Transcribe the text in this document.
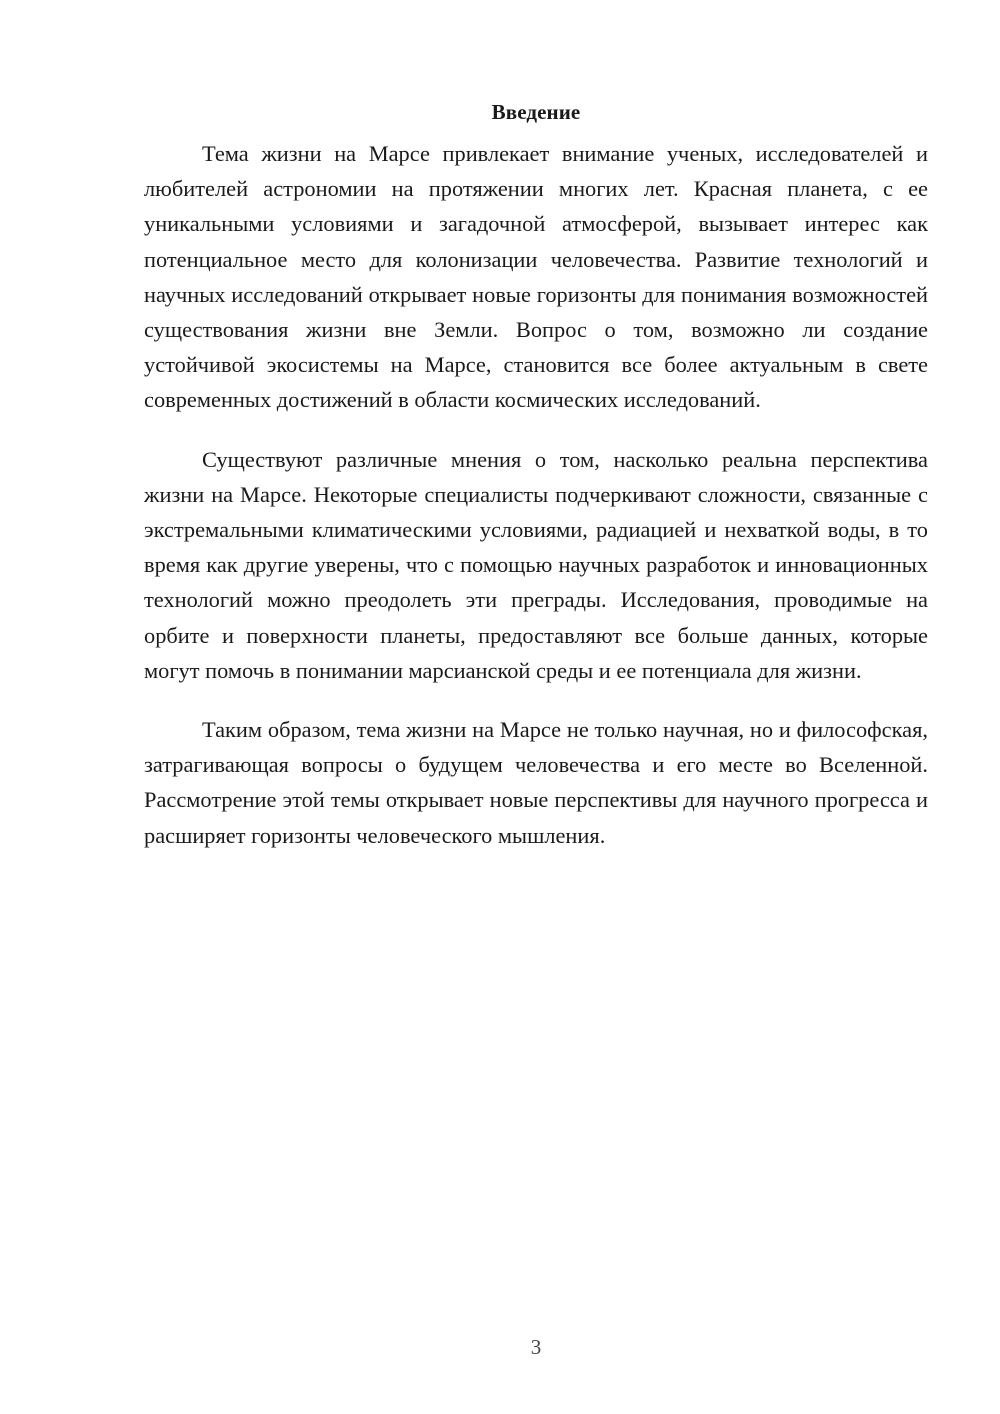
Введение

Тема жизни на Марсе привлекает внимание ученых, исследователей и любителей астрономии на протяжении многих лет. Красная планета, с ее уникальными условиями и загадочной атмосферой, вызывает интерес как потенциальное место для колонизации человечества. Развитие технологий и научных исследований открывает новые горизонты для понимания возможностей существования жизни вне Земли. Вопрос о том, возможно ли создание устойчивой экосистемы на Марсе, становится все более актуальным в свете современных достижений в области космических исследований.

Существуют различные мнения о том, насколько реальна перспектива жизни на Марсе. Некоторые специалисты подчеркивают сложности, связанные с экстремальными климатическими условиями, радиацией и нехваткой воды, в то время как другие уверены, что с помощью научных разработок и инновационных технологий можно преодолеть эти преграды. Исследования, проводимые на орбите и поверхности планеты, предоставляют все больше данных, которые могут помочь в понимании марсианской среды и ее потенциала для жизни.

Таким образом, тема жизни на Марсе не только научная, но и философская, затрагивающая вопросы о будущем человечества и его месте во Вселенной. Рассмотрение этой темы открывает новые перспективы для научного прогресса и расширяет горизонты человеческого мышления.

3
